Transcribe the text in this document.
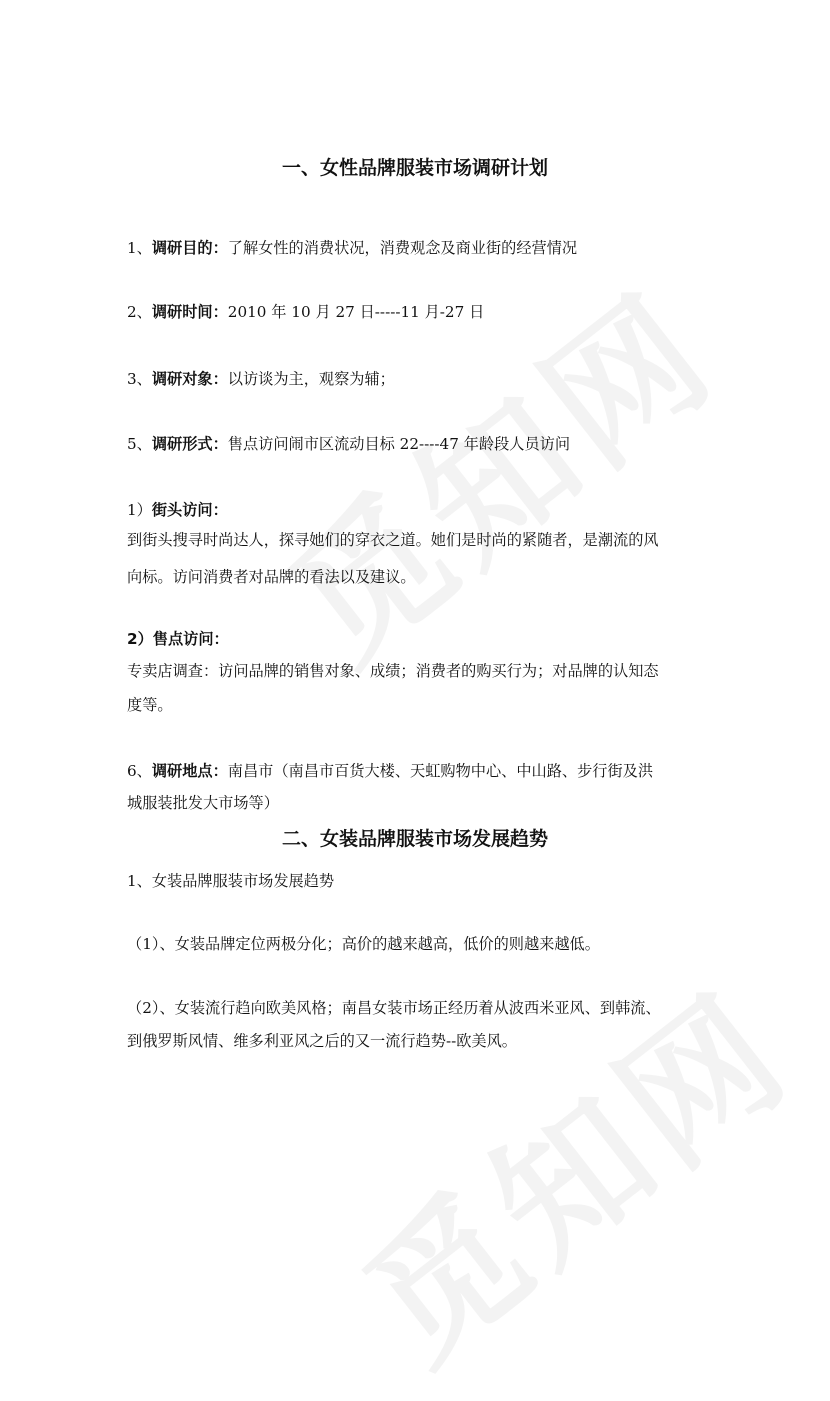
一、女性品牌服装市场调研计划
1、调研目的：了解女性的消费状况，消费观念及商业街的经营情况
2、调研时间：2010 年 10 月 27 日-----11 月-27 日
3、调研对象：以访谈为主，观察为辅；
5、调研形式：售点访问闹市区流动目标 22----47 年龄段人员访问
1）街头访问：
到街头搜寻时尚达人，探寻她们的穿衣之道。她们是时尚的紧随者，是潮流的风
向标。访问消费者对品牌的看法以及建议。
2）售点访问：
专卖店调查：访问品牌的销售对象、成绩；消费者的购买行为；对品牌的认知态
度等。
6、调研地点：南昌市（南昌市百货大楼、天虹购物中心、中山路、步行街及洪
城服装批发大市场等）
二、女装品牌服装市场发展趋势
1、女装品牌服装市场发展趋势
（1）、女装品牌定位两极分化；高价的越来越高，低价的则越来越低。
（2）、女装流行趋向欧美风格；南昌女装市场正经历着从波西米亚风、到韩流、
到俄罗斯风情、维多利亚风之后的又一流行趋势--欧美风。
